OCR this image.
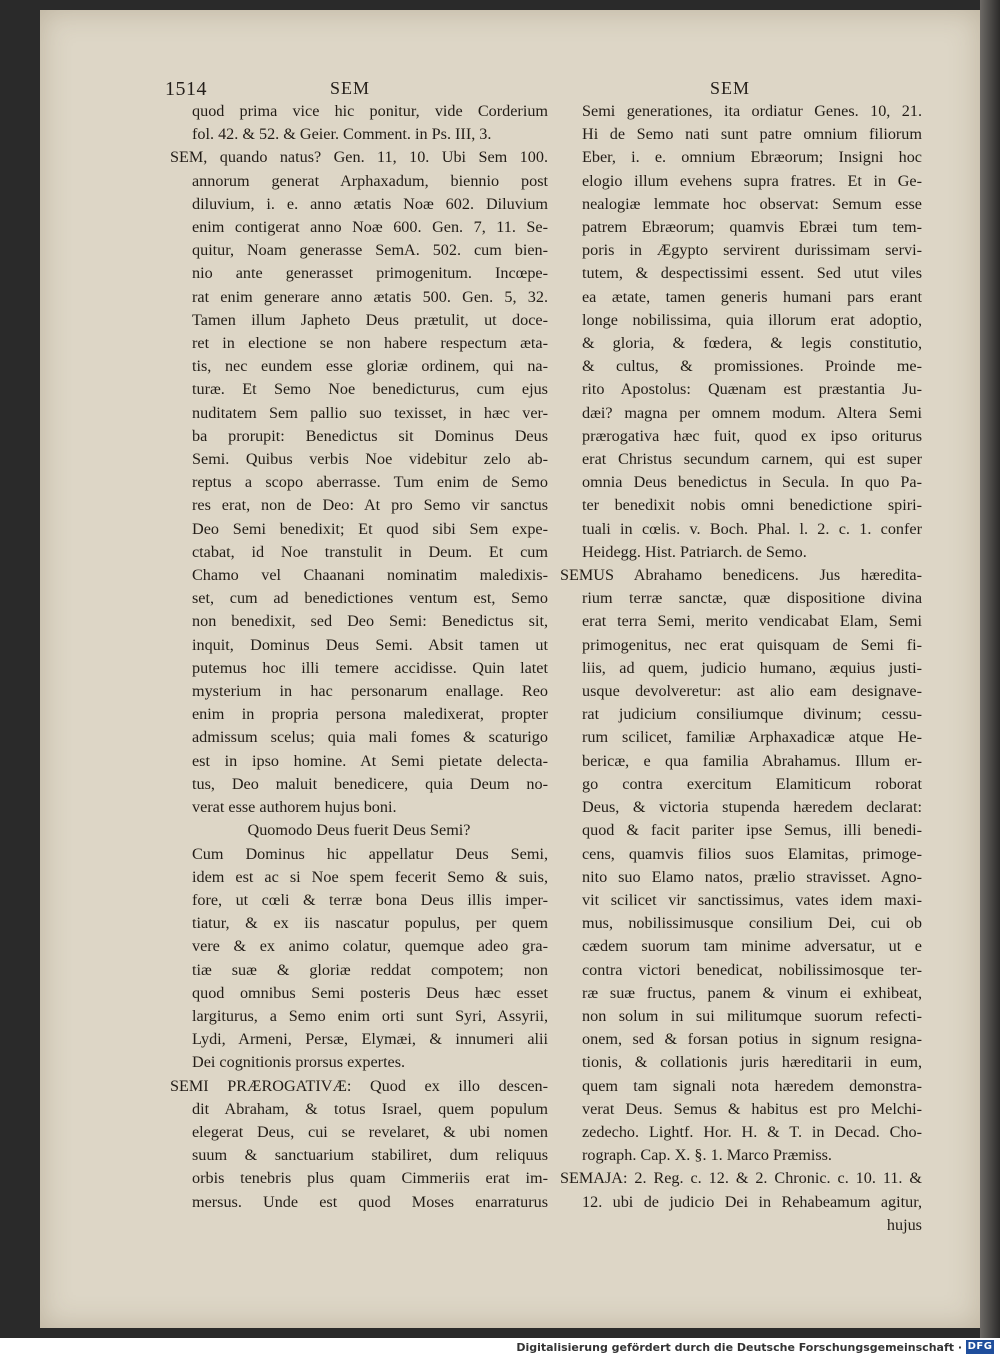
1514	SEM	SEM
quod prima vice hic ponitur, vide Corderium
fol. 42. & 52. & Geier. Comment. in Ps. III, 3.
SEM, quando natus? Gen. 11, 10. Ubi Sem 100.
annorum generat Arphaxadum, biennio post
diluvium, i. e. anno ætatis Noæ 602. Diluvium
enim contigerat anno Noæ 600. Gen. 7, 11. Se-
quitur, Noam generasse SemA. 502. cum bien-
nio ante generasset primogenitum. Incœpe-
rat enim generare anno ætatis 500. Gen. 5, 32.
Tamen illum Japheto Deus prætulit, ut doce-
ret in electione se non habere respectum æta-
tis, nec eundem esse gloriæ ordinem, qui na-
turæ. Et Semo Noe benedicturus, cum ejus
nuditatem Sem pallio suo texisset, in hæc ver-
ba prorupit: Benedictus sit Dominus Deus
Semi. Quibus verbis Noe videbitur zelo ab-
reptus a scopo aberrasse. Tum enim de Semo
res erat, non de Deo: At pro Semo vir sanctus
Deo Semi benedixit; Et quod sibi Sem expe-
ctabat, id Noe transtulit in Deum. Et cum
Chamo vel Chaanani nominatim maledixis-
set, cum ad benedictiones ventum est, Semo
non benedixit, sed Deo Semi: Benedictus sit,
inquit, Dominus Deus Semi. Absit tamen ut
putemus hoc illi temere accidisse. Quin latet
mysterium in hac personarum enallage. Reo
enim in propria persona maledixerat, propter
admissum scelus; quia mali fomes & scaturigo
est in ipso homine. At Semi pietate delecta-
tus, Deo maluit benedicere, quia Deum no-
verat esse authorem hujus boni.
Quomodo Deus fuerit Deus Semi?
Cum Dominus hic appellatur Deus Semi,
idem est ac si Noe spem fecerit Semo & suis,
fore, ut cœli & terræ bona Deus illis imper-
tiatur, & ex iis nascatur populus, per quem
vere & ex animo colatur, quemque adeo gra-
tiæ suæ & gloriæ reddat compotem; non
quod omnibus Semi posteris Deus hæc esset
largiturus, a Semo enim orti sunt Syri, Assyrii,
Lydi, Armeni, Persæ, Elymæi, & innumeri alii
Dei cognitionis prorsus expertes.
SEMI PRÆROGATIVÆ: Quod ex illo descen-
dit Abraham, & totus Israel, quem populum
elegerat Deus, cui se revelaret, & ubi nomen
suum & sanctuarium stabiliret, dum reliquus
orbis tenebris plus quam Cimmeriis erat im-
mersus. Unde est quod Moses enarraturus
Semi generationes, ita ordiatur Genes. 10, 21.
Hi de Semo nati sunt patre omnium filiorum
Eber, i. e. omnium Ebræorum; Insigni hoc
elogio illum evehens supra fratres. Et in Ge-
nealogiæ lemmate hoc observat: Semum esse
patrem Ebræorum; quamvis Ebræi tum tem-
poris in Ægypto servirent durissimam servi-
tutem, & despectissimi essent. Sed utut viles
ea ætate, tamen generis humani pars erant
longe nobilissima, quia illorum erat adoptio,
& gloria, & fœdera, & legis constitutio,
& cultus, & promissiones. Proinde me-
rito Apostolus: Quænam est præstantia Ju-
dæi? magna per omnem modum. Altera Semi
prærogativa hæc fuit, quod ex ipso oriturus
erat Christus secundum carnem, qui est super
omnia Deus benedictus in Secula. In quo Pa-
ter benedixit nobis omni benedictione spiri-
tuali in cœlis. v. Boch. Phal. l. 2. c. 1. confer
Heidegg. Hist. Patriarch. de Semo.
SEMUS Abrahamo benedicens. Jus hæredita-
rium terræ sanctæ, quæ dispositione divina
erat terra Semi, merito vendicabat Elam, Semi
primogenitus, nec erat quisquam de Semi fi-
liis, ad quem, judicio humano, æquius justi-
usque devolveretur: ast alio eam designave-
rat judicium consiliumque divinum; cessu-
rum scilicet, familiæ Arphaxadicæ atque He-
bericæ, e qua familia Abrahamus. Illum er-
go contra exercitum Elamiticum roborat
Deus, & victoria stupenda hæredem declarat:
quod & facit pariter ipse Semus, illi benedi-
cens, quamvis filios suos Elamitas, primoge-
nito suo Elamo natos, prælio stravisset. Agno-
vit scilicet vir sanctissimus, vates idem maxi-
mus, nobilissimusque consilium Dei, cui ob
cædem suorum tam minime adversatur, ut e
contra victori benedicat, nobilissimosque ter-
ræ suæ fructus, panem & vinum ei exhibeat,
non solum in sui militumque suorum refecti-
onem, sed & forsan potius in signum resigna-
tionis, & collationis juris hæreditarii in eum,
quem tam signali nota hæredem demonstra-
verat Deus. Semus & habitus est pro Melchi-
zedecho. Lightf. Hor. H. & T. in Decad. Cho-
rograph. Cap. X. §. 1. Marco Præmiss.
SEMAJA: 2. Reg. c. 12. & 2. Chronic. c. 10. 11. &
12. ubi de judicio Dei in Rehabeamum agitur,
hujus
Digitalisierung gefördert durch die Deutsche Forschungsgemeinschaft · DFG
